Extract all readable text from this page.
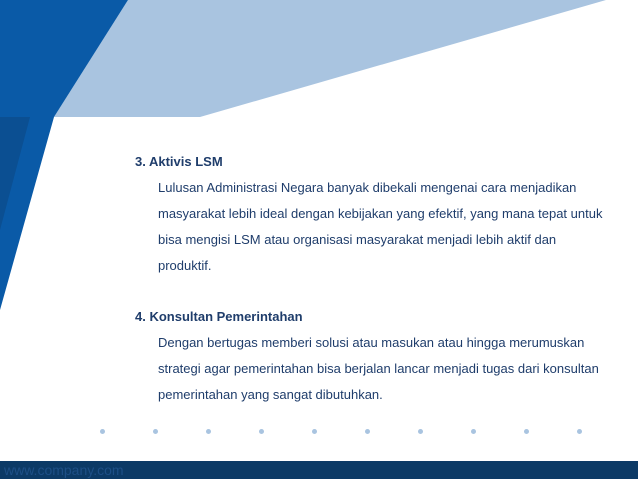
3. Aktivis LSM

Lulusan Administrasi Negara banyak dibekali mengenai cara menjadikan
masyarakat lebih ideal dengan kebijakan yang efektif, yang mana tepat untuk
bisa mengisi LSM atau organisasi masyarakat menjadi lebih aktif dan
produktif.

4. Konsultan Pemerintahan

Dengan bertugas memberi solusi atau masukan atau hingga merumuskan
strategi agar pemerintahan bisa berjalan lancar menjadi tugas dari konsultan
pemerintahan yang sangat dibutuhkan.

www.company.com
